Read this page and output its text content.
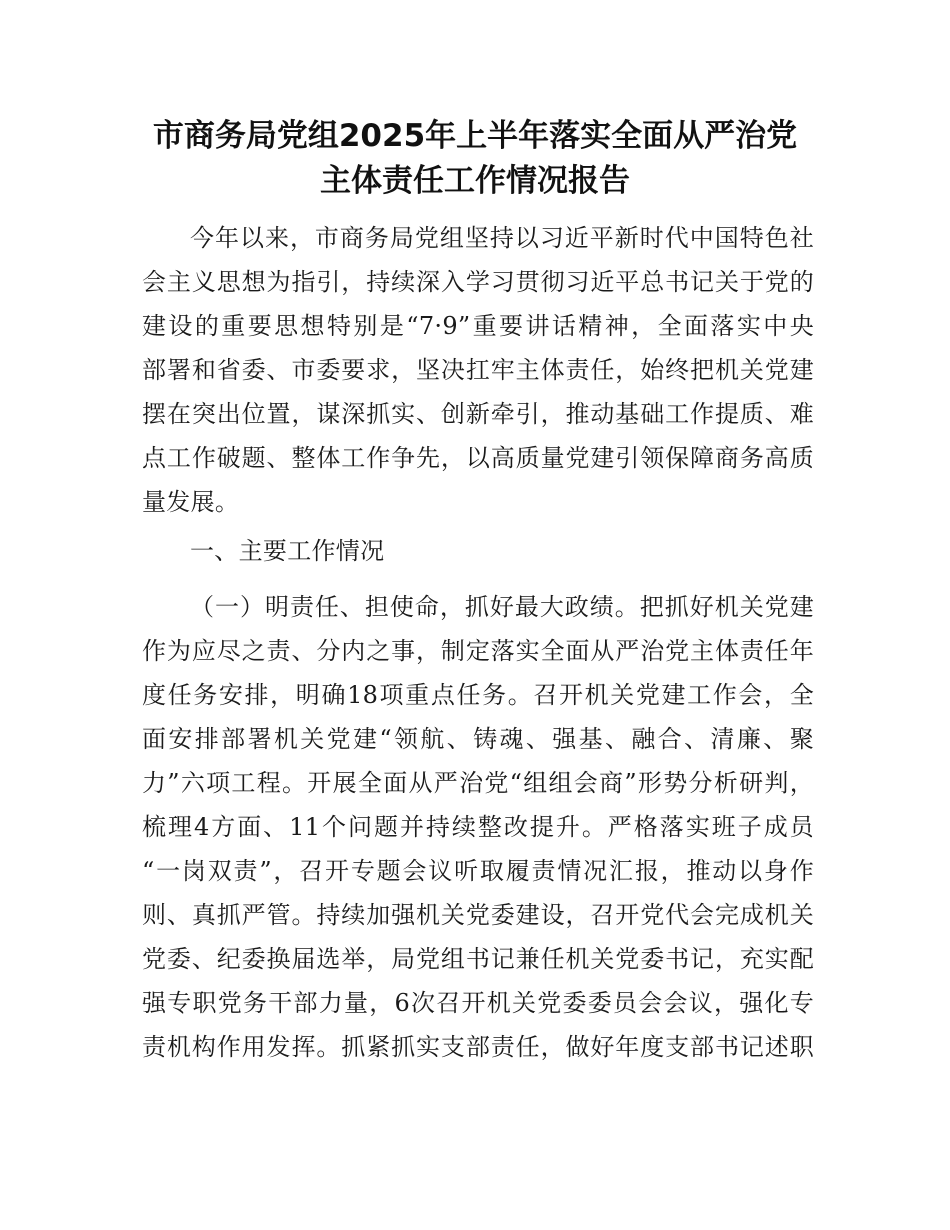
市商务局党组2025年上半年落实全面从严治党
主体责任工作情况报告
今年以来，市商务局党组坚持以习近平新时代中国特色社
会主义思想为指引，持续深入学习贯彻习近平总书记关于党的
建设的重要思想特别是“7·9”重要讲话精神，全面落实中央
部署和省委、市委要求，坚决扛牢主体责任，始终把机关党建
摆在突出位置，谋深抓实、创新牵引，推动基础工作提质、难
点工作破题、整体工作争先，以高质量党建引领保障商务高质
量发展。
一、主要工作情况
（一）明责任、担使命，抓好最大政绩。把抓好机关党建
作为应尽之责、分内之事，制定落实全面从严治党主体责任年
度任务安排，明确18项重点任务。召开机关党建工作会，全
面安排部署机关党建“领航、铸魂、强基、融合、清廉、聚
力”六项工程。开展全面从严治党“组组会商”形势分析研判，
梳理4方面、11个问题并持续整改提升。严格落实班子成员
“一岗双责”，召开专题会议听取履责情况汇报，推动以身作
则、真抓严管。持续加强机关党委建设，召开党代会完成机关
党委、纪委换届选举，局党组书记兼任机关党委书记，充实配
强专职党务干部力量，6次召开机关党委委员会会议，强化专
责机构作用发挥。抓紧抓实支部责任，做好年度支部书记述职
